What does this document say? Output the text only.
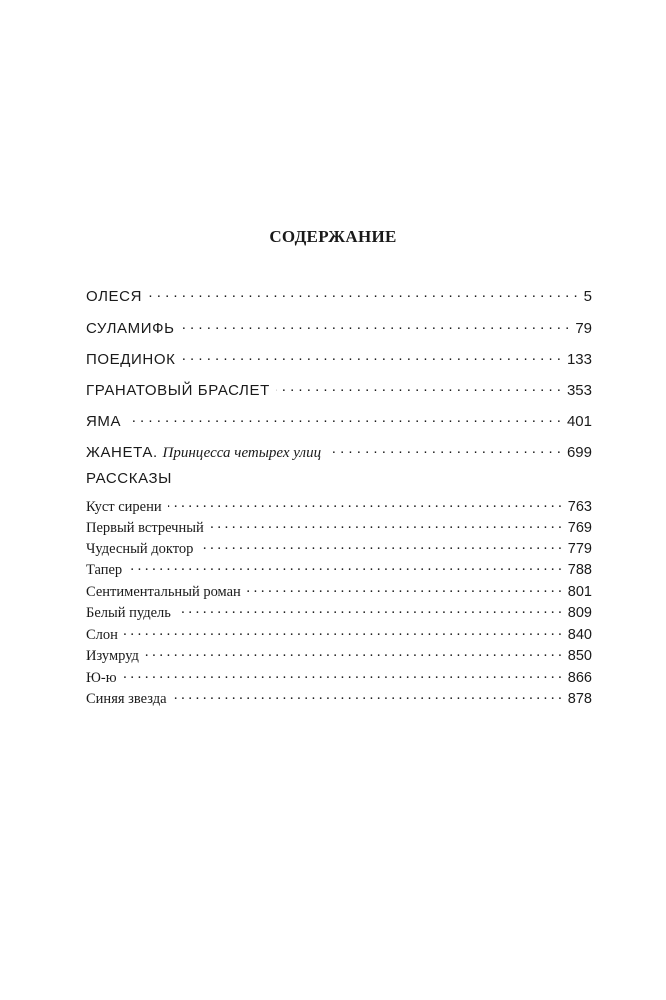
СОДЕРЖАНИЕ
ОЛЕСЯ . . .	5
СУЛАМИФЬ . . .	79
ПОЕДИНОК . . .	133
ГРАНАТОВЫЙ БРАСЛЕТ . . .	353
ЯМА . . .	401
ЖАНЕТА. Принцесса четырех улиц . . .	699
РАССКАЗЫ
Куст сирени . . .	763
Первый встречный . . .	769
Чудесный доктор . . .	779
Тапер . . .	788
Сентиментальный роман . . .	801
Белый пудель . . .	809
Слон . . .	840
Изумруд . . .	850
Ю-ю . . .	866
Синяя звезда . . .	878
